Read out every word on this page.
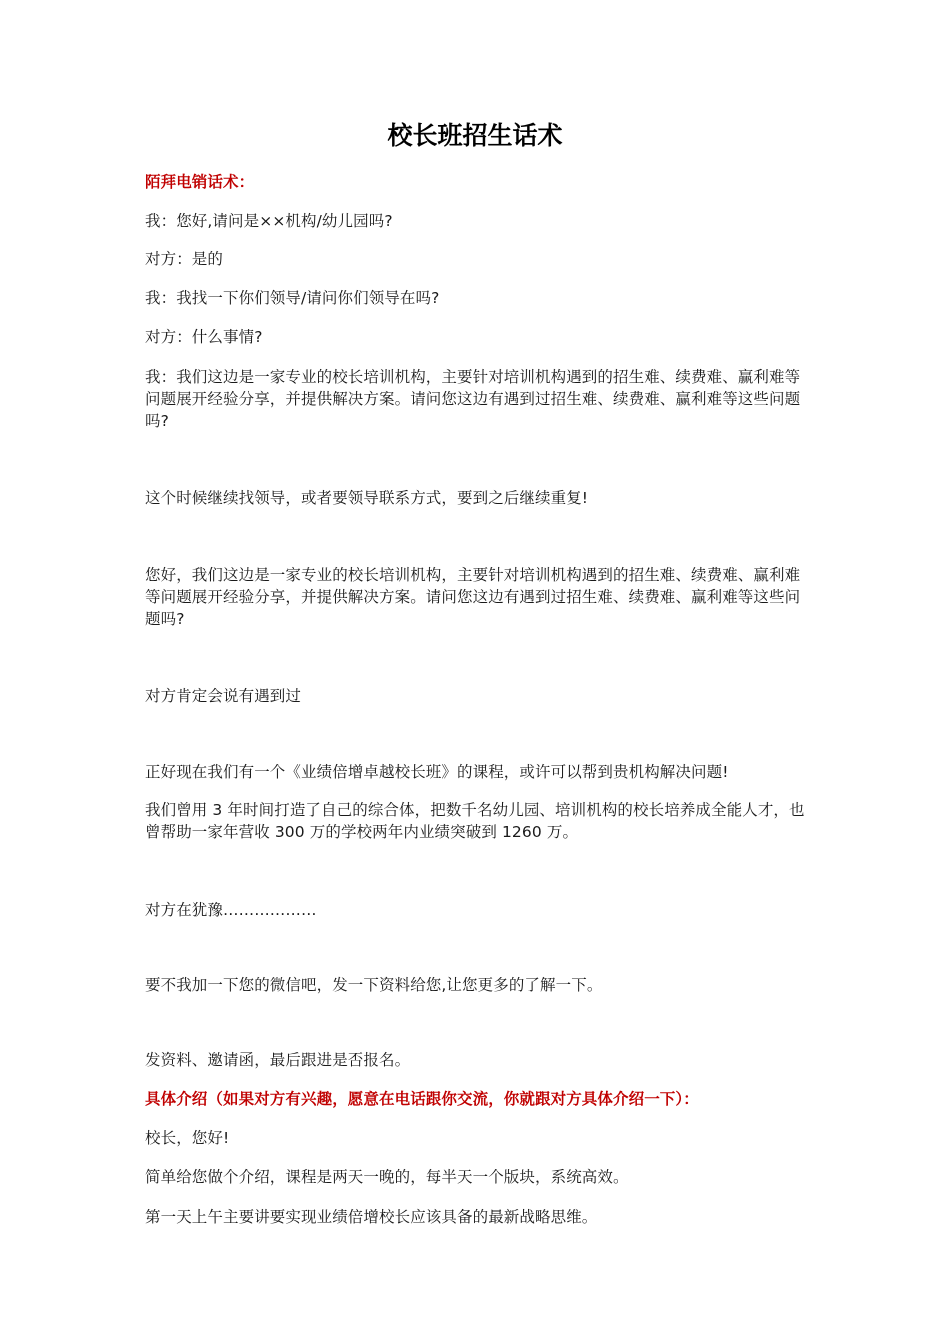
校长班招生话术
陌拜电销话术：
我：您好,请问是××机构/幼儿园吗?
对方：是的
我：我找一下你们领导/请问你们领导在吗?
对方：什么事情?
我：我们这边是一家专业的校长培训机构，主要针对培训机构遇到的招生难、续费难、赢利难等问题展开经验分享，并提供解决方案。请问您这边有遇到过招生难、续费难、赢利难等这些问题吗?
这个时候继续找领导，或者要领导联系方式，要到之后继续重复!
您好，我们这边是一家专业的校长培训机构，主要针对培训机构遇到的招生难、续费难、赢利难等问题展开经验分享，并提供解决方案。请问您这边有遇到过招生难、续费难、赢利难等这些问题吗?
对方肯定会说有遇到过
正好现在我们有一个《业绩倍增卓越校长班》的课程，或许可以帮到贵机构解决问题!
我们曾用 3 年时间打造了自己的综合体，把数千名幼儿园、培训机构的校长培养成全能人才，也曾帮助一家年营收 300 万的学校两年内业绩突破到 1260 万。
对方在犹豫………………
要不我加一下您的微信吧，发一下资料给您,让您更多的了解一下。
发资料、邀请函，最后跟进是否报名。
具体介绍（如果对方有兴趣，愿意在电话跟你交流，你就跟对方具体介绍一下）：
校长，您好!
简单给您做个介绍，课程是两天一晚的，每半天一个版块，系统高效。
第一天上午主要讲要实现业绩倍增校长应该具备的最新战略思维。
